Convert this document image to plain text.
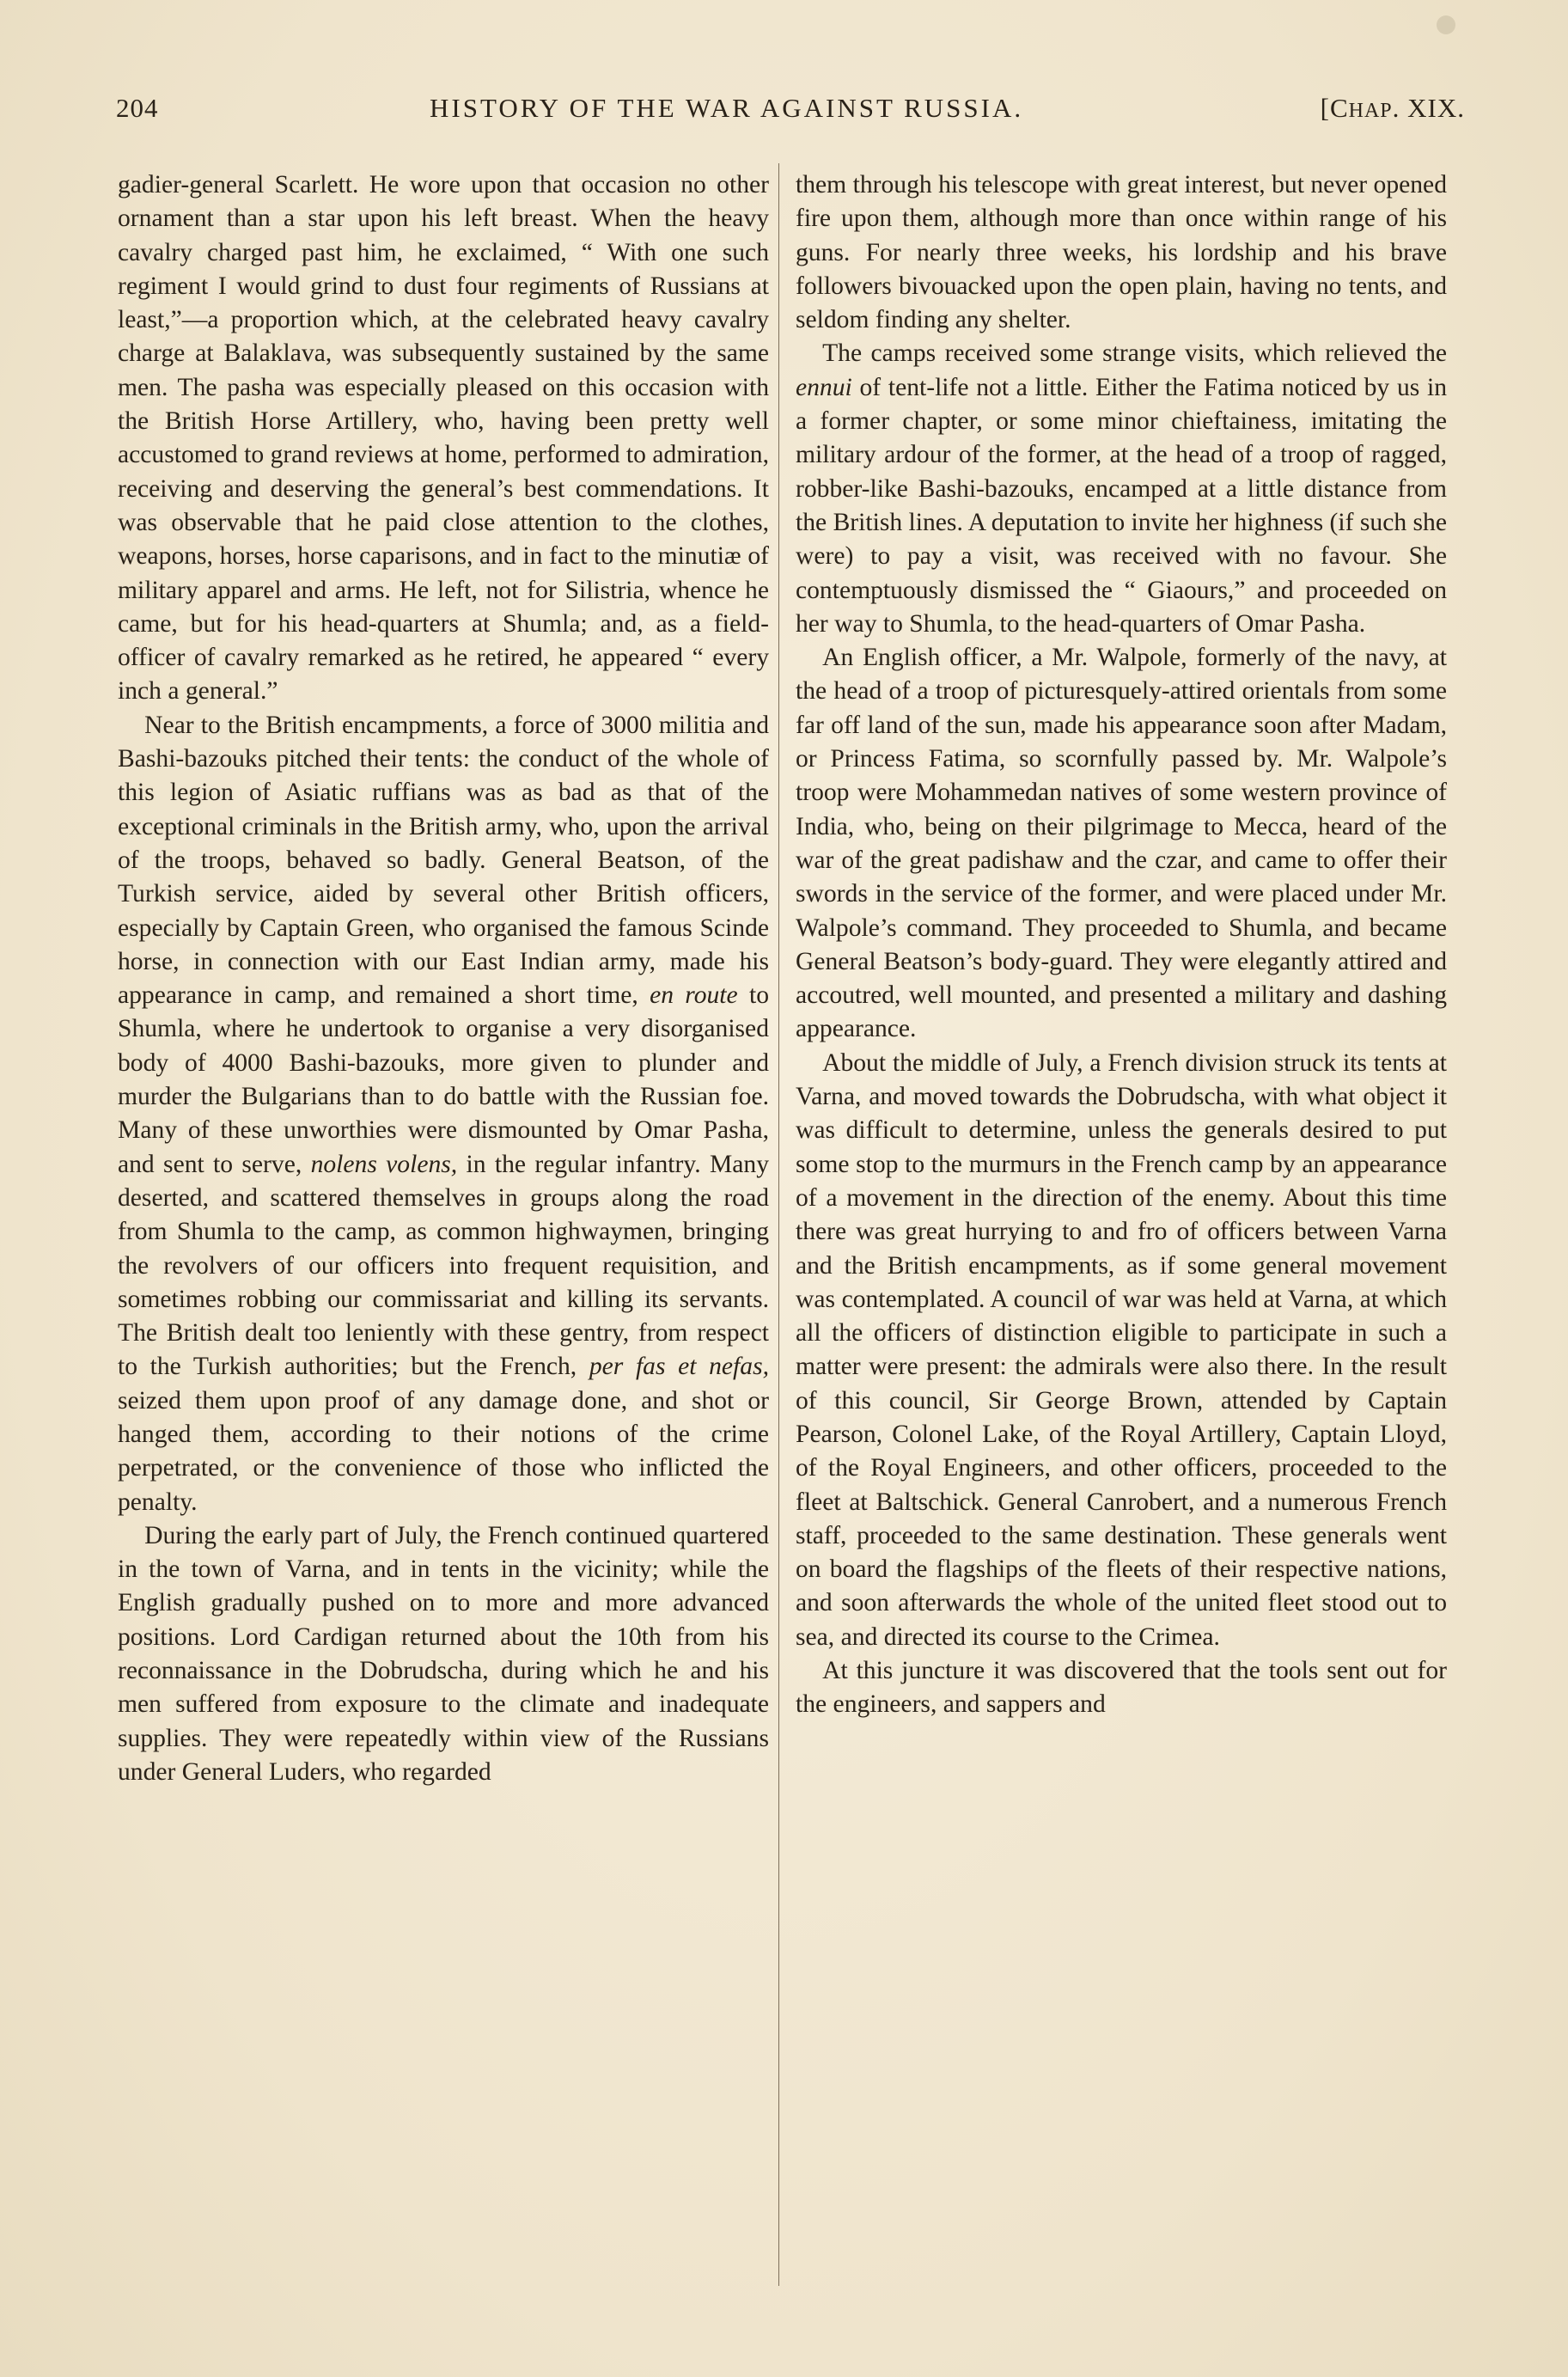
204	HISTORY OF THE WAR AGAINST RUSSIA.	[CHAP. XIX.

gadier-general Scarlett. He wore upon that occasion no other ornament than a star upon his left breast. When the heavy cavalry charged past him, he exclaimed, “ With one such regiment I would grind to dust four regiments of Russians at least,”—a proportion which, at the celebrated heavy cavalry charge at Balaklava, was subsequently sustained by the same men. The pasha was especially pleased on this occasion with the British Horse Artillery, who, having been pretty well accustomed to grand reviews at home, performed to admiration, receiving and deserving the general’s best commendations. It was observable that he paid close attention to the clothes, weapons, horses, horse caparisons, and in fact to the minutiæ of military apparel and arms. He left, not for Silistria, whence he came, but for his head-quarters at Shumla; and, as a field-officer of cavalry remarked as he retired, he appeared “ every inch a general.”

Near to the British encampments, a force of 3000 militia and Bashi-bazouks pitched their tents: the conduct of the whole of this legion of Asiatic ruffians was as bad as that of the exceptional criminals in the British army, who, upon the arrival of the troops, behaved so badly. General Beatson, of the Turkish service, aided by several other British officers, especially by Captain Green, who organised the famous Scinde horse, in connection with our East Indian army, made his appearance in camp, and remained a short time, en route to Shumla, where he undertook to organise a very disorganised body of 4000 Bashi-bazouks, more given to plunder and murder the Bulgarians than to do battle with the Russian foe. Many of these unworthies were dismounted by Omar Pasha, and sent to serve, nolens volens, in the regular infantry. Many deserted, and scattered themselves in groups along the road from Shumla to the camp, as common highwaymen, bringing the revolvers of our officers into frequent requisition, and sometimes robbing our commissariat and killing its servants. The British dealt too leniently with these gentry, from respect to the Turkish authorities; but the French, per fas et nefas, seized them upon proof of any damage done, and shot or hanged them, according to their notions of the crime perpetrated, or the convenience of those who inflicted the penalty.

During the early part of July, the French continued quartered in the town of Varna, and in tents in the vicinity; while the English gradually pushed on to more and more advanced positions. Lord Cardigan returned about the 10th from his reconnaissance in the Dobrudscha, during which he and his men suffered from exposure to the climate and inadequate supplies. They were repeatedly within view of the Russians under General Luders, who regarded

them through his telescope with great interest, but never opened fire upon them, although more than once within range of his guns. For nearly three weeks, his lordship and his brave followers bivouacked upon the open plain, having no tents, and seldom finding any shelter.

The camps received some strange visits, which relieved the ennui of tent-life not a little. Either the Fatima noticed by us in a former chapter, or some minor chieftainess, imitating the military ardour of the former, at the head of a troop of ragged, robber-like Bashi-bazouks, encamped at a little distance from the British lines. A deputation to invite her highness (if such she were) to pay a visit, was received with no favour. She contemptuously dismissed the “ Giaours,” and proceeded on her way to Shumla, to the head-quarters of Omar Pasha.

An English officer, a Mr. Walpole, formerly of the navy, at the head of a troop of picturesquely-attired orientals from some far off land of the sun, made his appearance soon after Madam, or Princess Fatima, so scornfully passed by. Mr. Walpole’s troop were Mohammedan natives of some western province of India, who, being on their pilgrimage to Mecca, heard of the war of the great padishaw and the czar, and came to offer their swords in the service of the former, and were placed under Mr. Walpole’s command. They proceeded to Shumla, and became General Beatson’s body-guard. They were elegantly attired and accoutred, well mounted, and presented a military and dashing appearance.

About the middle of July, a French division struck its tents at Varna, and moved towards the Dobrudscha, with what object it was difficult to determine, unless the generals desired to put some stop to the murmurs in the French camp by an appearance of a movement in the direction of the enemy. About this time there was great hurrying to and fro of officers between Varna and the British encampments, as if some general movement was contemplated. A council of war was held at Varna, at which all the officers of distinction eligible to participate in such a matter were present: the admirals were also there. In the result of this council, Sir George Brown, attended by Captain Pearson, Colonel Lake, of the Royal Artillery, Captain Lloyd, of the Royal Engineers, and other officers, proceeded to the fleet at Baltschick. General Canrobert, and a numerous French staff, proceeded to the same destination. These generals went on board the flagships of the fleets of their respective nations, and soon afterwards the whole of the united fleet stood out to sea, and directed its course to the Crimea.

At this juncture it was discovered that the tools sent out for the engineers, and sappers and
